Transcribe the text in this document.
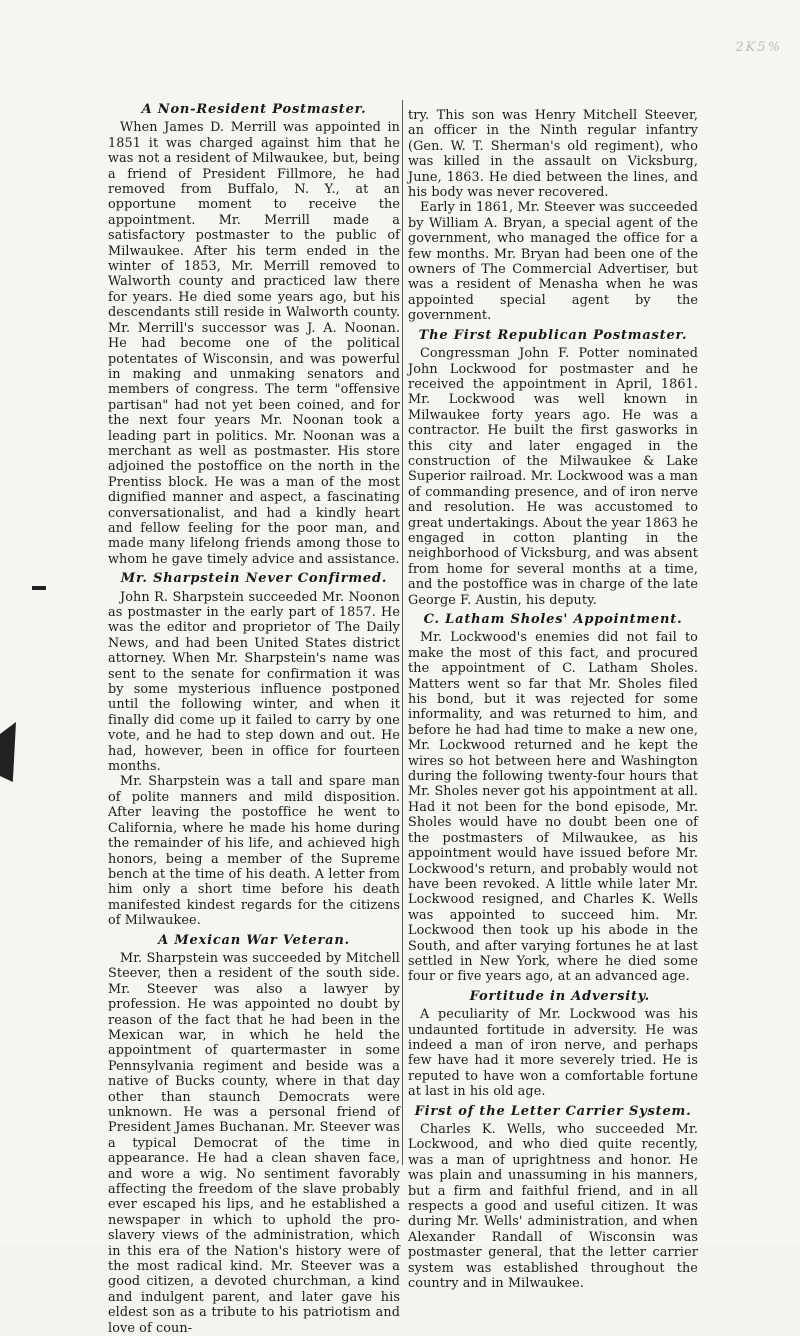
2K5%
A Non-Resident Postmaster.

When James D. Merrill was appointed in 1851 it was charged against him that he was not a resident of Milwaukee, but, being a friend of President Fillmore, he had removed from Buffalo, N. Y., at an opportune moment to receive the appointment. Mr. Merrill made a satisfactory postmaster to the public of Milwaukee. After his term ended in the winter of 1853, Mr. Merrill removed to Walworth county and practiced law there for years. He died some years ago, but his descendants still reside in Walworth county. Mr. Merrill's successor was J. A. Noonan. He had become one of the political potentates of Wisconsin, and was powerful in making and unmaking senators and members of congress. The term "offensive partisan" had not yet been coined, and for the next four years Mr. Noonan took a leading part in politics. Mr. Noonan was a merchant as well as postmaster. His store adjoined the postoffice on the north in the Prentiss block. He was a man of the most dignified manner and aspect, a fascinating conversationalist, and had a kindly heart and fellow feeling for the poor man, and made many lifelong friends among those to whom he gave timely advice and assistance.

Mr. Sharpstein Never Confirmed.

John R. Sharpstein succeeded Mr. Noonon as postmaster in the early part of 1857. He was the editor and proprietor of The Daily News, and had been United States district attorney. When Mr. Sharpstein's name was sent to the senate for confirmation it was by some mysterious influence postponed until the following winter, and when it finally did come up it failed to carry by one vote, and he had to step down and out. He had, however, been in office for fourteen months.

Mr. Sharpstein was a tall and spare man of polite manners and mild disposition. After leaving the postoffice he went to California, where he made his home during the remainder of his life, and achieved high honors, being a member of the Supreme bench at the time of his death. A letter from him only a short time before his death manifested kindest regards for the citizens of Milwaukee.

A Mexican War Veteran.

Mr. Sharpstein was succeeded by Mitchell Steever, then a resident of the south side. Mr. Steever was also a lawyer by profession. He was appointed no doubt by reason of the fact that he had been in the Mexican war, in which he held the appointment of quartermaster in some Pennsylvania regiment and beside was a native of Bucks county, where in that day other than staunch Democrats were unknown. He was a personal friend of President James Buchanan. Mr. Steever was a typical Democrat of the time in appearance. He had a clean shaven face, and wore a wig. No sentiment favorably affecting the freedom of the slave probably ever escaped his lips, and he established a newspaper in which to uphold the pro-slavery views of the administration, which in this era of the Nation's history were of the most radical kind. Mr. Steever was a good citizen, a devoted churchman, a kind and indulgent parent, and later gave his eldest son as a tribute to his patriotism and love of coun-

try. This son was Henry Mitchell Steever, an officer in the Ninth regular infantry (Gen. W. T. Sherman's old regiment), who was killed in the assault on Vicksburg, June, 1863. He died between the lines, and his body was never recovered.

Early in 1861, Mr. Steever was succeeded by William A. Bryan, a special agent of the government, who managed the office for a few months. Mr. Bryan had been one of the owners of The Commercial Advertiser, but was a resident of Menasha when he was appointed special agent by the government.

The First Republican Postmaster.

Congressman John F. Potter nominated John Lockwood for postmaster and he received the appointment in April, 1861. Mr. Lockwood was well known in Milwaukee forty years ago. He was a contractor. He built the first gasworks in this city and later engaged in the construction of the Milwaukee & Lake Superior railroad. Mr. Lockwood was a man of commanding presence, and of iron nerve and resolution. He was accustomed to great undertakings. About the year 1863 he engaged in cotton planting in the neighborhood of Vicksburg, and was absent from home for several months at a time, and the postoffice was in charge of the late George F. Austin, his deputy.

C. Latham Sholes' Appointment.

Mr. Lockwood's enemies did not fail to make the most of this fact, and procured the appointment of C. Latham Sholes. Matters went so far that Mr. Sholes filed his bond, but it was rejected for some informality, and was returned to him, and before he had had time to make a new one, Mr. Lockwood returned and he kept the wires so hot between here and Washington during the following twenty-four hours that Mr. Sholes never got his appointment at all. Had it not been for the bond episode, Mr. Sholes would have no doubt been one of the postmasters of Milwaukee, as his appointment would have issued before Mr. Lockwood's return, and probably would not have been revoked. A little while later Mr. Lockwood resigned, and Charles K. Wells was appointed to succeed him. Mr. Lockwood then took up his abode in the South, and after varying fortunes he at last settled in New York, where he died some four or five years ago, at an advanced age.

Fortitude in Adversity.

A peculiarity of Mr. Lockwood was his undaunted fortitude in adversity. He was indeed a man of iron nerve, and perhaps few have had it more severely tried. He is reputed to have won a comfortable fortune at last in his old age.

First of the Letter Carrier System.

Charles K. Wells, who succeeded Mr. Lockwood, and who died quite recently, was a man of uprightness and honor. He was plain and unassuming in his manners, but a firm and faithful friend, and in all respects a good and useful citizen. It was during Mr. Wells' administration, and when Alexander Randall of Wisconsin was postmaster general, that the letter carrier system was established throughout the country and in Milwaukee.
